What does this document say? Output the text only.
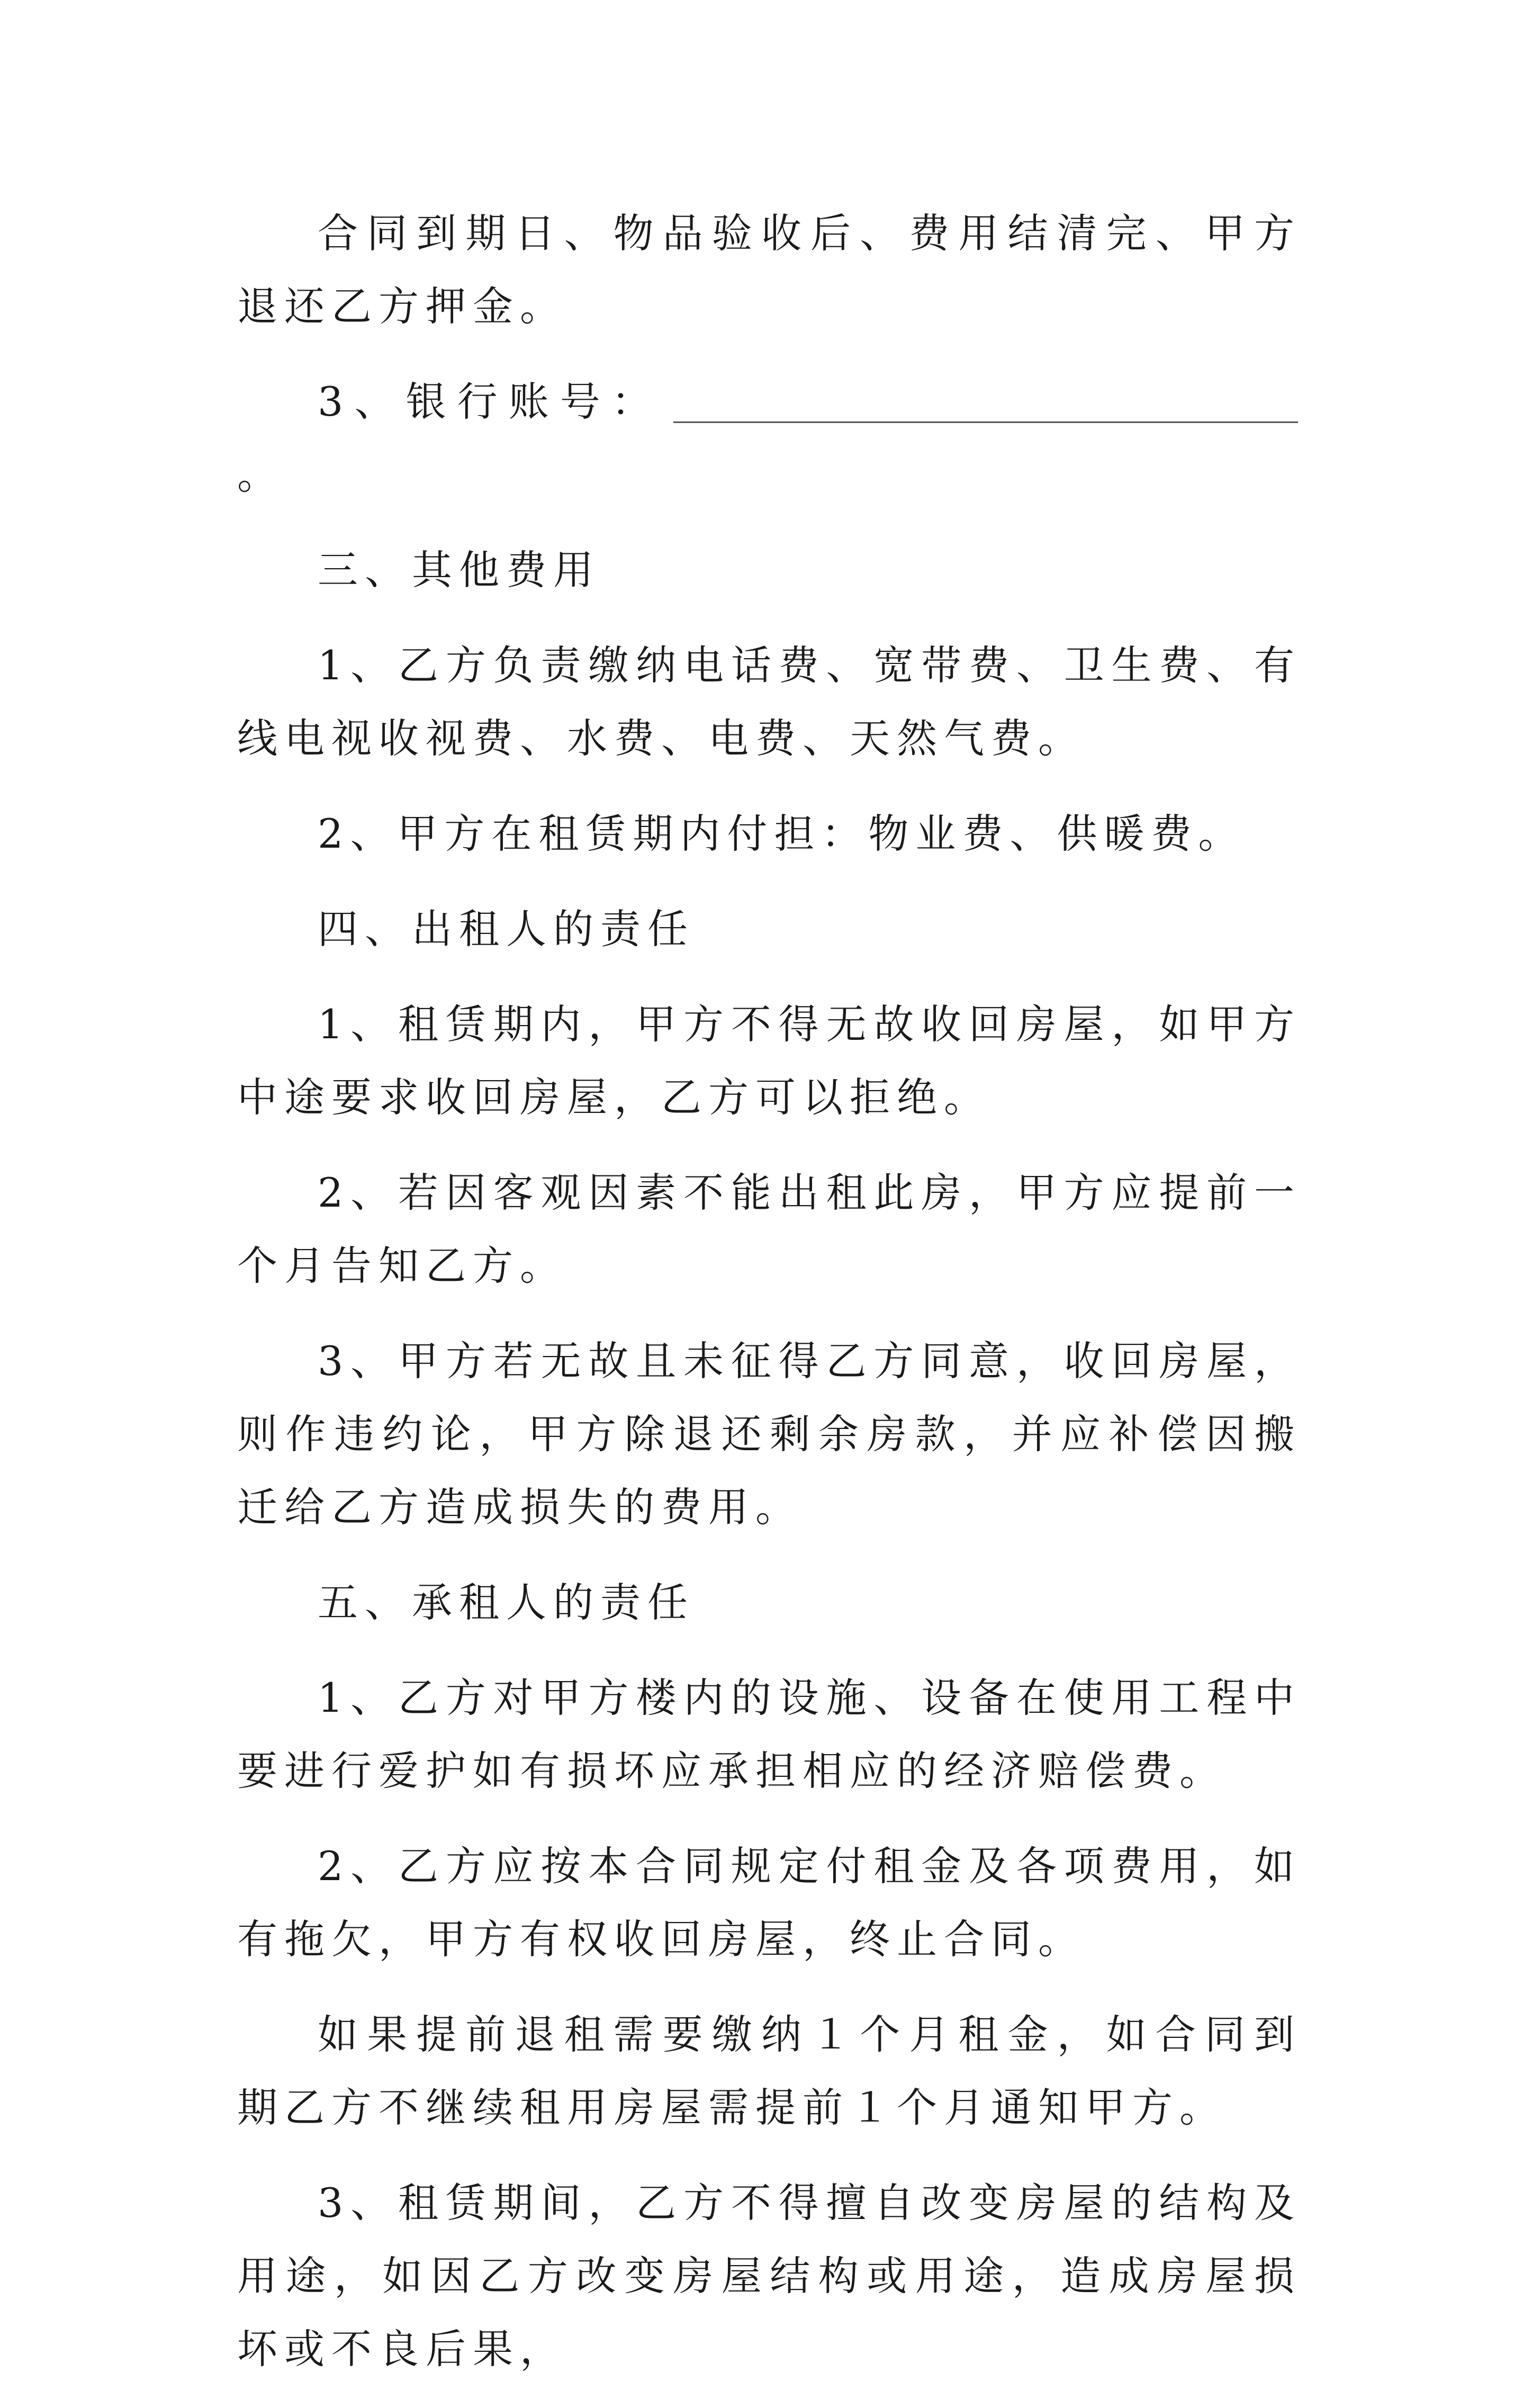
合同到期日、物品验收后、费用结清完、甲方退还乙方押金。

3、银行账号：。

三、其他费用

1、乙方负责缴纳电话费、宽带费、卫生费、有线电视收视费、水费、电费、天然气费。

2、甲方在租赁期内付担：物业费、供暖费。

四、出租人的责任

1、租赁期内，甲方不得无故收回房屋，如甲方中途要求收回房屋，乙方可以拒绝。

2、若因客观因素不能出租此房，甲方应提前一个月告知乙方。

3、甲方若无故且未征得乙方同意，收回房屋，则作违约论，甲方除退还剩余房款，并应补偿因搬迁给乙方造成损失的费用。

五、承租人的责任

1、乙方对甲方楼内的设施、设备在使用工程中要进行爱护如有损坏应承担相应的经济赔偿费。

2、乙方应按本合同规定付租金及各项费用，如有拖欠，甲方有权收回房屋，终止合同。

如果提前退租需要缴纳１个月租金，如合同到期乙方不继续租用房屋需提前１个月通知甲方。

3、租赁期间，乙方不得擅自改变房屋的结构及用途，如因乙方改变房屋结构或用途，造成房屋损坏或不良后果，
